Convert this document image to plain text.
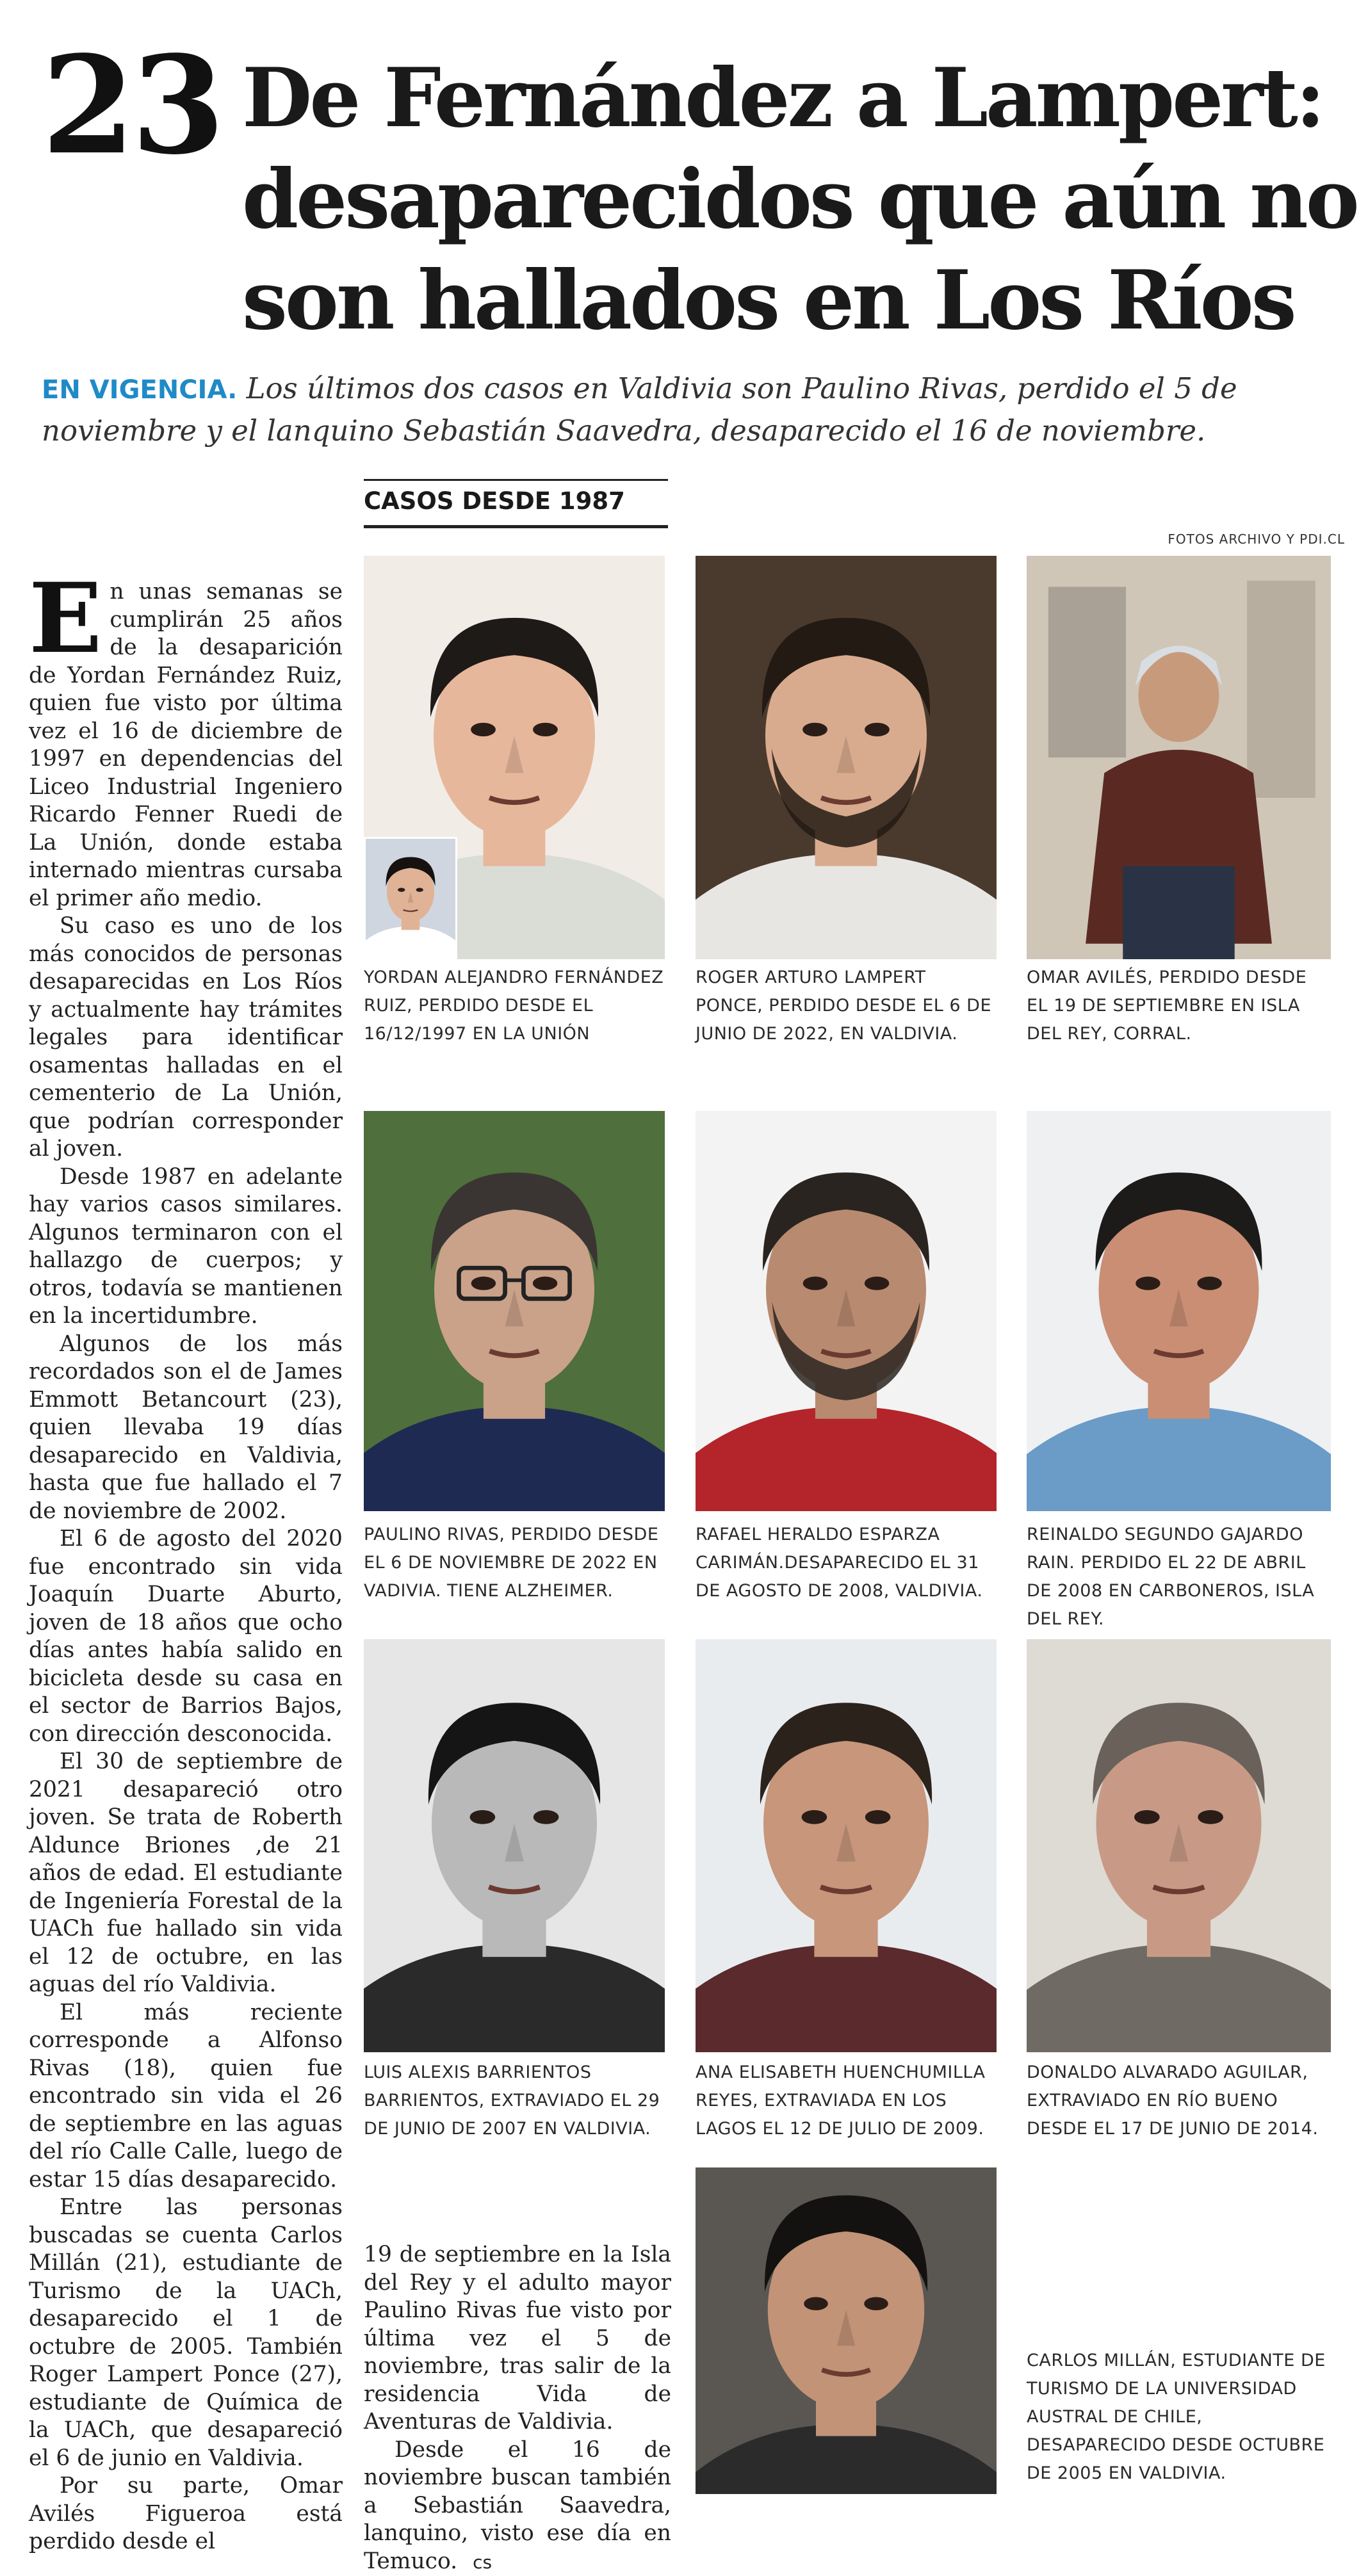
23 De Fernández a Lampert:
desaparecidos que aún no
son hallados en Los Ríos
EN VIGENCIA. Los últimos dos casos en Valdivia son Paulino Rivas, perdido el 5 de noviembre y el lanquino Sebastián Saavedra, desaparecido el 16 de noviembre.
CASOS DESDE 1987
FOTOS ARCHIVO Y PDI.CL

En unas semanas se cumplirán 25 años de la desaparición de Yordan Fernández Ruiz, quien fue visto por última vez el 16 de diciembre de 1997 en dependencias del Liceo Industrial Ingeniero Ricardo Fenner Ruedi de La Unión, donde estaba internado mientras cursaba el primer año medio.

Su caso es uno de los más conocidos de personas desaparecidas en Los Ríos y actualmente hay trámites legales para identificar osamentas halladas en el cementerio de La Unión, que podrían corresponder al joven.

Desde 1987 en adelante hay varios casos similares. Algunos terminaron con el hallazgo de cuerpos; y otros, todavía se mantienen en la incertidumbre.

Algunos de los más recordados son el de James Emmott Betancourt (23), quien llevaba 19 días desaparecido en Valdivia, hasta que fue hallado el 7 de noviembre de 2002.

El 6 de agosto del 2020 fue encontrado sin vida Joaquín Duarte Aburto, joven de 18 años que ocho días antes había salido en bicicleta desde su casa en el sector de Barrios Bajos, con dirección desconocida.

El 30 de septiembre de 2021 desapareció otro joven. Se trata de Roberth Aldunce Briones ,de 21 años de edad. El estudiante de Ingeniería Forestal de la UACh fue hallado sin vida el 12 de octubre, en las aguas del río Valdivia.

El más reciente corresponde a Alfonso Rivas (18), quien fue encontrado sin vida el 26 de septiembre en las aguas del río Calle Calle, luego de estar 15 días desaparecido.

Entre las personas buscadas se cuenta Carlos Millán (21), estudiante de Turismo de la UACh, desaparecido el 1 de octubre de 2005. También Roger Lampert Ponce (27), estudiante de Química de la UACh, que desapareció el 6 de junio en Valdivia.

Por su parte, Omar Avilés Figueroa está perdido desde el

19 de septiembre en la Isla del Rey y el adulto mayor Paulino Rivas fue visto por última vez el 5 de noviembre, tras salir de la residencia Vida de Aventuras de Valdivia.

Desde el 16 de noviembre buscan también a Sebastián Saavedra, lanquino, visto ese día en Temuco. cs

YORDAN ALEJANDRO FERNÁNDEZ RUIZ, PERDIDO DESDE EL 16/12/1997 EN LA UNIÓN
ROGER ARTURO LAMPERT PONCE, PERDIDO DESDE EL 6 DE JUNIO DE 2022, EN VALDIVIA.
OMAR AVILÉS, PERDIDO DESDE EL 19 DE SEPTIEMBRE EN ISLA DEL REY, CORRAL.
PAULINO RIVAS, PERDIDO DESDE EL 6 DE NOVIEMBRE DE 2022 EN VADIVIA. TIENE ALZHEIMER.
RAFAEL HERALDO ESPARZA CARIMÁN.DESAPARECIDO EL 31 DE AGOSTO DE 2008, VALDIVIA.
REINALDO SEGUNDO GAJARDO RAIN. PERDIDO EL 22 DE ABRIL DE 2008 EN CARBONEROS, ISLA DEL REY.
LUIS ALEXIS BARRIENTOS BARRIENTOS, EXTRAVIADO EL 29 DE JUNIO DE 2007 EN VALDIVIA.
ANA ELISABETH HUENCHUMILLA REYES, EXTRAVIADA EN LOS LAGOS EL 12 DE JULIO DE 2009.
DONALDO ALVARADO AGUILAR, EXTRAVIADO EN RÍO BUENO DESDE EL 17 DE JUNIO DE 2014.
CARLOS MILLÁN, ESTUDIANTE DE TURISMO DE LA UNIVERSIDAD AUSTRAL DE CHILE, DESAPARECIDO DESDE OCTUBRE DE 2005 EN VALDIVIA.
